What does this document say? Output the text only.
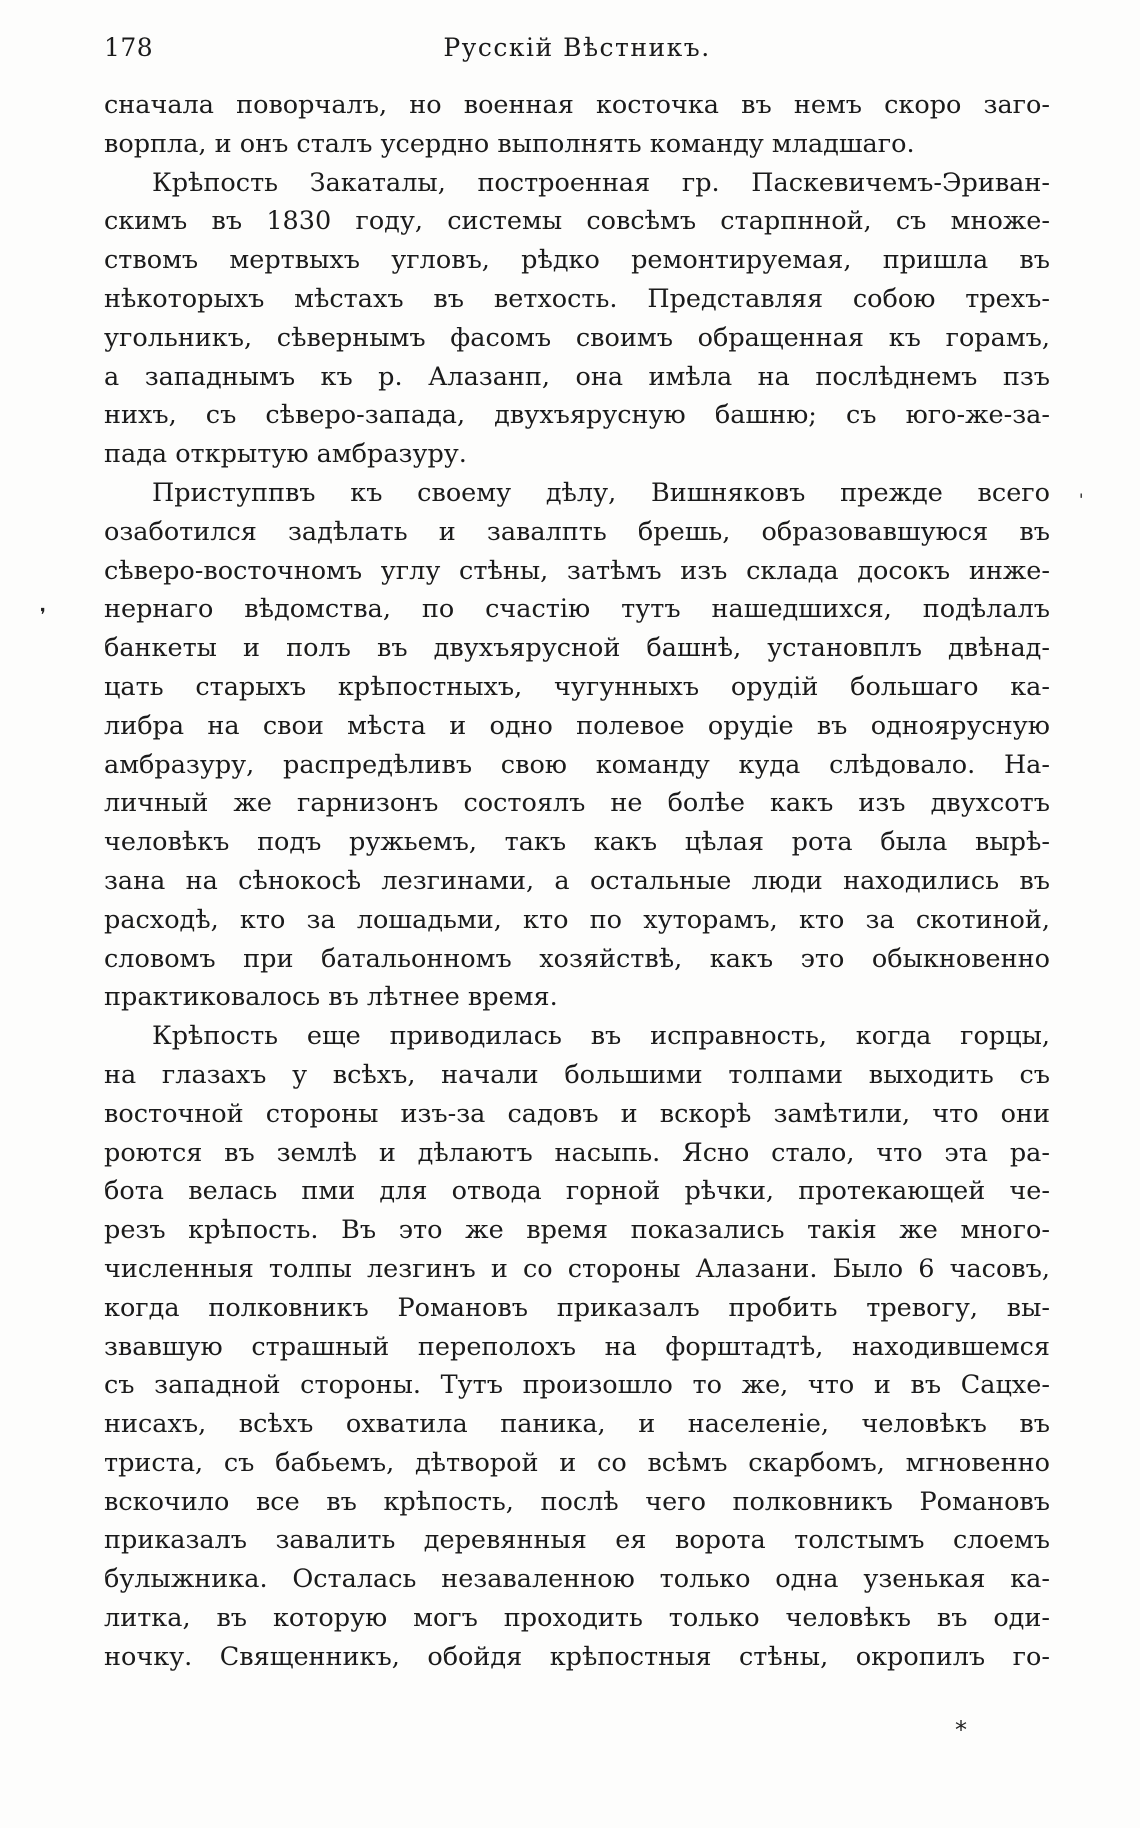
178	Русскій Вѣстникъ.
сначала поворчалъ, но военная косточка въ немъ скоро заго-
ворпла, и онъ сталъ усердно выполнять команду младшаго.
Крѣпость Закаталы, построенная гр. Паскевичемъ-Эриван-
скимъ въ 1830 году, системы совсѣмъ старпнной, съ множе-
ствомъ мертвыхъ угловъ, рѣдко ремонтируемая, пришла въ
нѣкоторыхъ мѣстахъ въ ветхость. Представляя собою трехъ-
угольникъ, сѣвернымъ фасомъ своимъ обращенная къ горамъ,
а западнымъ къ р. Алазанп, она имѣла на послѣднемъ пзъ
нихъ, съ сѣверо-запада, двухъярусную башню; съ юго-же-за-
пада открытую амбразуру.
Приступпвъ къ своему дѣлу, Вишняковъ прежде всего
озаботился задѣлать и завалпть брешь, образовавшуюся въ
сѣверо-восточномъ углу стѣны, затѣмъ изъ склада досокъ инже-
нернаго вѣдомства, по счастію тутъ нашедшихся, подѣлалъ
банкеты и полъ въ двухъярусной башнѣ, установплъ двѣнад-
цать старыхъ крѣпостныхъ, чугунныхъ орудій большаго ка-
либра на свои мѣста и одно полевое орудіе въ одноярусную
амбразуру, распредѣливъ свою команду куда слѣдовало. На-
личный же гарнизонъ состоялъ не болѣе какъ изъ двухсотъ
человѣкъ подъ ружьемъ, такъ какъ цѣлая рота была вырѣ-
зана на сѣнокосѣ лезгинами, а остальные люди находились въ
расходѣ, кто за лошадьми, кто по хуторамъ, кто за скотиной,
словомъ при батальонномъ хозяйствѣ, какъ это обыкновенно
практиковалось въ лѣтнее время.
Крѣпость еще приводилась въ исправность, когда горцы,
на глазахъ у всѣхъ, начали большими толпами выходить съ
восточной стороны изъ-за садовъ и вскорѣ замѣтили, что они
роются въ землѣ и дѣлаютъ насыпь. Ясно стало, что эта ра-
бота велась пми для отвода горной рѣчки, протекающей че-
резъ крѣпость. Въ это же время показались такія же много-
численныя толпы лезгинъ и со стороны Алазани. Было 6 часовъ,
когда полковникъ Романовъ приказалъ пробить тревогу, вы-
звавшую страшный переполохъ на форштадтѣ, находившемся
съ западной стороны. Тутъ произошло то же, что и въ Сацхе-
нисахъ, всѣхъ охватила паника, и населеніе, человѣкъ въ
триста, съ бабьемъ, дѣтворой и со всѣмъ скарбомъ, мгновенно
вскочило все въ крѣпость, послѣ чего полковникъ Романовъ
приказалъ завалить деревянныя ея ворота толстымъ слоемъ
булыжника. Осталась незаваленною только одна узенькая ка-
литка, въ которую могъ проходить только человѣкъ въ оди-
ночку. Священникъ, обойдя крѣпостныя стѣны, окропилъ го-
'
❜
*
